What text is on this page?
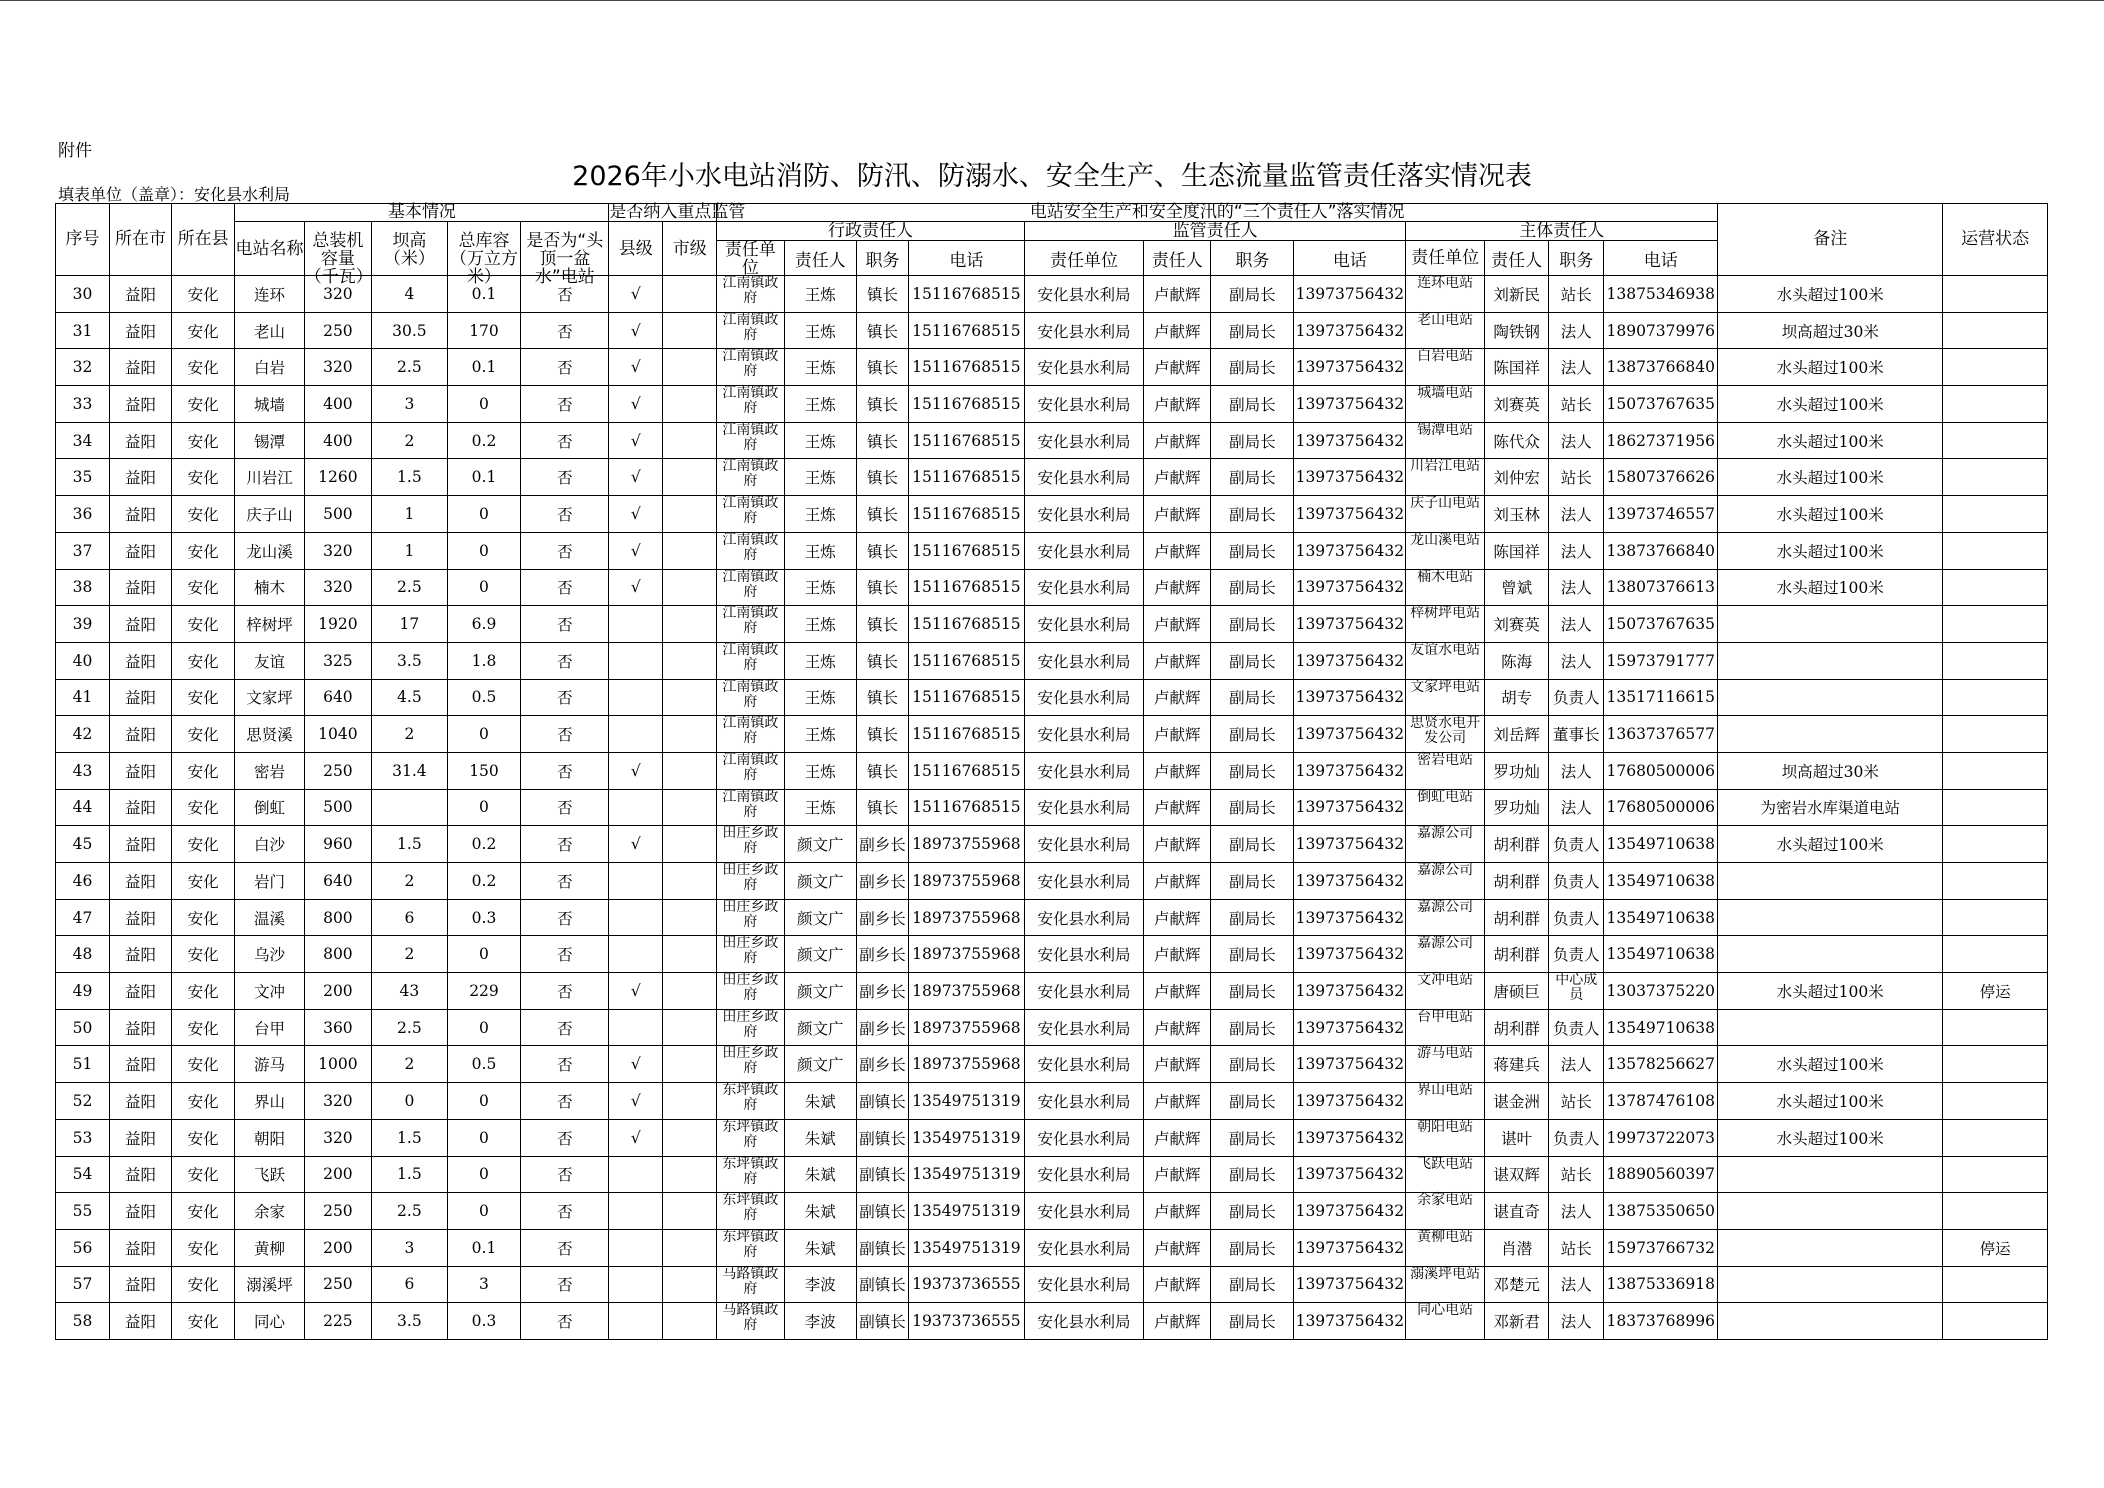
附件
2026年小水电站消防、防汛、防溺水、安全生产、生态流量监管责任落实情况表
填表单位（盖章）：安化县水利局
序号	所在市	所在县	基本情况					是否纳入重点监管		电站安全生产和安全度汛的“三个责任人”落实情况												备注	运营状态

			电站名称	总装机容量（千瓦）	坝高（米）	总库容（万立方米）	是否为“头顶一盆水”电站	县级	市级	行政责任人				监管责任人				主体责任人					

										责任单位	责任人	职务	电话	责任单位	责任人	职务	电话	责任单位	责任人	职务	电话		
30	益阳	安化	连环	320	4	0.1	否	√		江南镇政府	王炼	镇长	15116768515	安化县水利局	卢献辉	副局长	13973756432	连环电站	刘新民	站长	13875346938	水头超过100米	
31	益阳	安化	老山	250	30.5	170	否	√		江南镇政府	王炼	镇长	15116768515	安化县水利局	卢献辉	副局长	13973756432	老山电站	陶铁钢	法人	18907379976	坝高超过30米	
32	益阳	安化	白岩	320	2.5	0.1	否	√		江南镇政府	王炼	镇长	15116768515	安化县水利局	卢献辉	副局长	13973756432	白岩电站	陈国祥	法人	13873766840	水头超过100米	
33	益阳	安化	城墙	400	3	0	否	√		江南镇政府	王炼	镇长	15116768515	安化县水利局	卢献辉	副局长	13973756432	城墙电站	刘赛英	站长	15073767635	水头超过100米	
34	益阳	安化	锡潭	400	2	0.2	否	√		江南镇政府	王炼	镇长	15116768515	安化县水利局	卢献辉	副局长	13973756432	锡潭电站	陈代众	法人	18627371956	水头超过100米	
35	益阳	安化	川岩江	1260	1.5	0.1	否	√		江南镇政府	王炼	镇长	15116768515	安化县水利局	卢献辉	副局长	13973756432	川岩江电站	刘仲宏	站长	15807376626	水头超过100米	
36	益阳	安化	庆子山	500	1	0	否	√		江南镇政府	王炼	镇长	15116768515	安化县水利局	卢献辉	副局长	13973756432	庆子山电站	刘玉林	法人	13973746557	水头超过100米	
37	益阳	安化	龙山溪	320	1	0	否	√		江南镇政府	王炼	镇长	15116768515	安化县水利局	卢献辉	副局长	13973756432	龙山溪电站	陈国祥	法人	13873766840	水头超过100米	
38	益阳	安化	楠木	320	2.5	0	否	√		江南镇政府	王炼	镇长	15116768515	安化县水利局	卢献辉	副局长	13973756432	楠木电站	曾斌	法人	13807376613	水头超过100米	
39	益阳	安化	梓树坪	1920	17	6.9	否			江南镇政府	王炼	镇长	15116768515	安化县水利局	卢献辉	副局长	13973756432	梓树坪电站	刘赛英	法人	15073767635		
40	益阳	安化	友谊	325	3.5	1.8	否			江南镇政府	王炼	镇长	15116768515	安化县水利局	卢献辉	副局长	13973756432	友谊水电站	陈海	法人	15973791777		
41	益阳	安化	文家坪	640	4.5	0.5	否			江南镇政府	王炼	镇长	15116768515	安化县水利局	卢献辉	副局长	13973756432	文家坪电站	胡专	负责人	13517116615		
42	益阳	安化	思贤溪	1040	2	0	否			江南镇政府	王炼	镇长	15116768515	安化县水利局	卢献辉	副局长	13973756432	思贤水电开发公司	刘岳辉	董事长	13637376577		
43	益阳	安化	密岩	250	31.4	150	否	√		江南镇政府	王炼	镇长	15116768515	安化县水利局	卢献辉	副局长	13973756432	密岩电站	罗功灿	法人	17680500006	坝高超过30米	
44	益阳	安化	倒虹	500		0	否			江南镇政府	王炼	镇长	15116768515	安化县水利局	卢献辉	副局长	13973756432	倒虹电站	罗功灿	法人	17680500006	为密岩水库渠道电站	
45	益阳	安化	白沙	960	1.5	0.2	否	√		田庄乡政府	颜文广	副乡长	18973755968	安化县水利局	卢献辉	副局长	13973756432	嘉源公司	胡利群	负责人	13549710638	水头超过100米	
46	益阳	安化	岩门	640	2	0.2	否			田庄乡政府	颜文广	副乡长	18973755968	安化县水利局	卢献辉	副局长	13973756432	嘉源公司	胡利群	负责人	13549710638		
47	益阳	安化	温溪	800	6	0.3	否			田庄乡政府	颜文广	副乡长	18973755968	安化县水利局	卢献辉	副局长	13973756432	嘉源公司	胡利群	负责人	13549710638		
48	益阳	安化	乌沙	800	2	0	否			田庄乡政府	颜文广	副乡长	18973755968	安化县水利局	卢献辉	副局长	13973756432	嘉源公司	胡利群	负责人	13549710638		
49	益阳	安化	文冲	200	43	229	否	√		田庄乡政府	颜文广	副乡长	18973755968	安化县水利局	卢献辉	副局长	13973756432	文冲电站	唐硕巨	中心成员	13037375220	水头超过100米	停运
50	益阳	安化	台甲	360	2.5	0	否			田庄乡政府	颜文广	副乡长	18973755968	安化县水利局	卢献辉	副局长	13973756432	台甲电站	胡利群	负责人	13549710638		
51	益阳	安化	游马	1000	2	0.5	否	√		田庄乡政府	颜文广	副乡长	18973755968	安化县水利局	卢献辉	副局长	13973756432	游马电站	蒋建兵	法人	13578256627	水头超过100米	
52	益阳	安化	界山	320	0	0	否	√		东坪镇政府	朱斌	副镇长	13549751319	安化县水利局	卢献辉	副局长	13973756432	界山电站	谌金洲	站长	13787476108	水头超过100米	
53	益阳	安化	朝阳	320	1.5	0	否	√		东坪镇政府	朱斌	副镇长	13549751319	安化县水利局	卢献辉	副局长	13973756432	朝阳电站	谌叶	负责人	19973722073	水头超过100米	
54	益阳	安化	飞跃	200	1.5	0	否			东坪镇政府	朱斌	副镇长	13549751319	安化县水利局	卢献辉	副局长	13973756432	飞跃电站	谌双辉	站长	18890560397		
55	益阳	安化	余家	250	2.5	0	否			东坪镇政府	朱斌	副镇长	13549751319	安化县水利局	卢献辉	副局长	13973756432	余家电站	谌直奇	法人	13875350650		
56	益阳	安化	黄柳	200	3	0.1	否			东坪镇政府	朱斌	副镇长	13549751319	安化县水利局	卢献辉	副局长	13973756432	黄柳电站	肖潜	站长	15973766732		停运
57	益阳	安化	溺溪坪	250	6	3	否			马路镇政府	李波	副镇长	19373736555	安化县水利局	卢献辉	副局长	13973756432	溺溪坪电站	邓楚元	法人	13875336918		
58	益阳	安化	同心	225	3.5	0.3	否			马路镇政府	李波	副镇长	19373736555	安化县水利局	卢献辉	副局长	13973756432	同心电站	邓新君	法人	18373768996		
